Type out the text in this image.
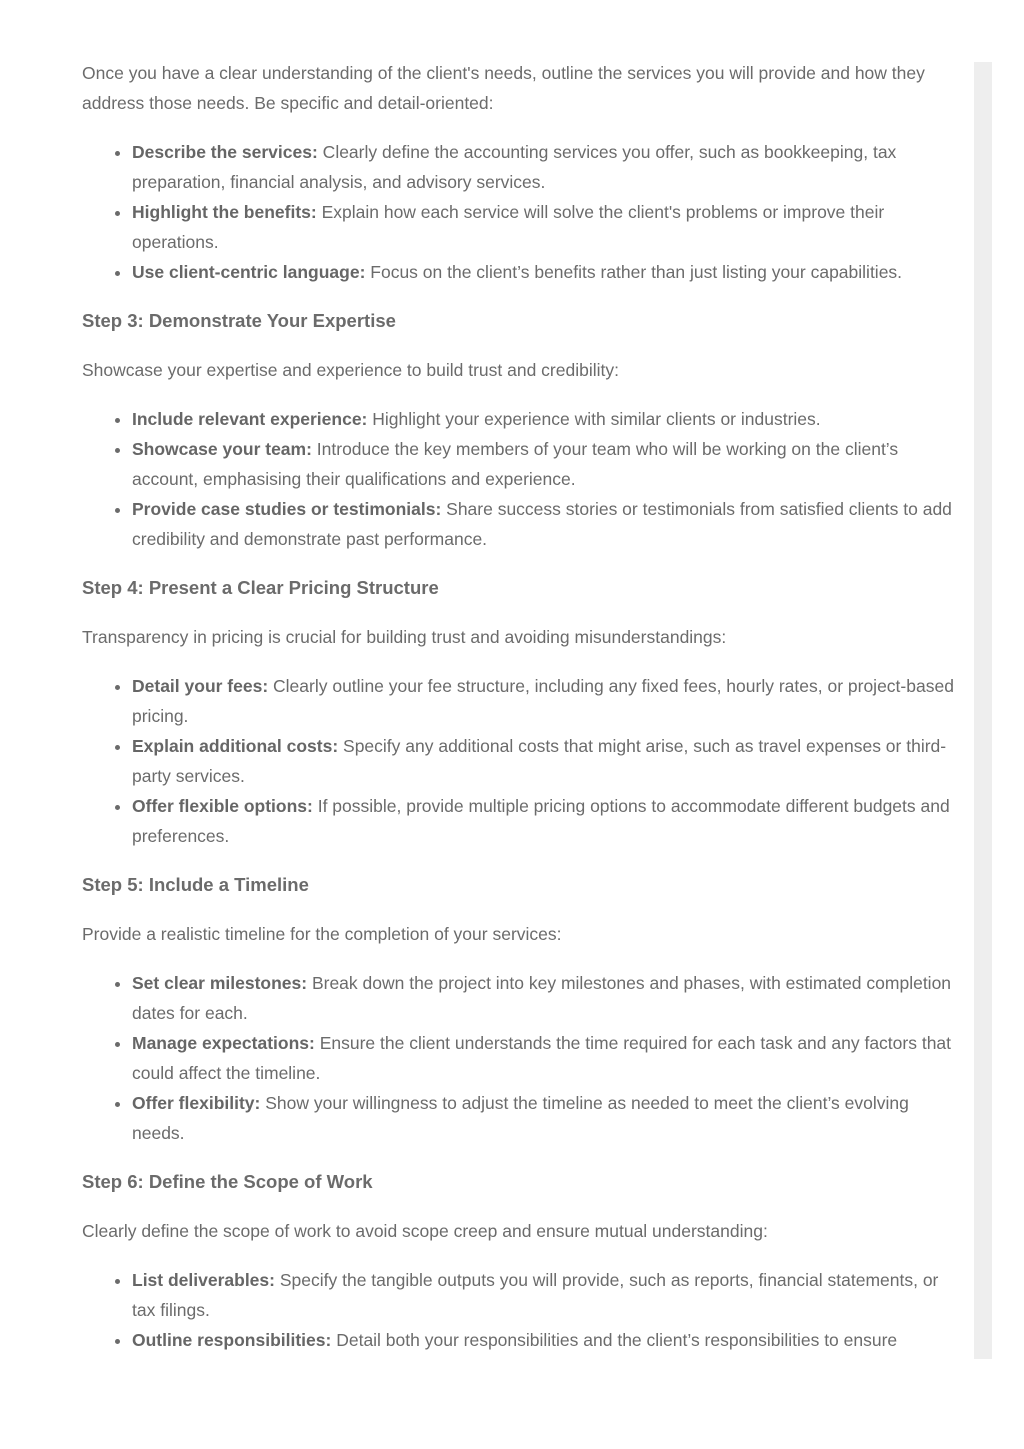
Once you have a clear understanding of the client's needs, outline the services you will provide and how they address those needs. Be specific and detail-oriented:

• Describe the services: Clearly define the accounting services you offer, such as bookkeeping, tax preparation, financial analysis, and advisory services.
• Highlight the benefits: Explain how each service will solve the client's problems or improve their operations.
• Use client-centric language: Focus on the client’s benefits rather than just listing your capabilities.
Step 3: Demonstrate Your Expertise

Showcase your expertise and experience to build trust and credibility:

• Include relevant experience: Highlight your experience with similar clients or industries.
• Showcase your team: Introduce the key members of your team who will be working on the client’s account, emphasising their qualifications and experience.
• Provide case studies or testimonials: Share success stories or testimonials from satisfied clients to add credibility and demonstrate past performance.
Step 4: Present a Clear Pricing Structure

Transparency in pricing is crucial for building trust and avoiding misunderstandings:

• Detail your fees: Clearly outline your fee structure, including any fixed fees, hourly rates, or project-based pricing.
• Explain additional costs: Specify any additional costs that might arise, such as travel expenses or third-party services.
• Offer flexible options: If possible, provide multiple pricing options to accommodate different budgets and preferences.
Step 5: Include a Timeline

Provide a realistic timeline for the completion of your services:

• Set clear milestones: Break down the project into key milestones and phases, with estimated completion dates for each.
• Manage expectations: Ensure the client understands the time required for each task and any factors that could affect the timeline.
• Offer flexibility: Show your willingness to adjust the timeline as needed to meet the client’s evolving needs.
Step 6: Define the Scope of Work

Clearly define the scope of work to avoid scope creep and ensure mutual understanding:

• List deliverables: Specify the tangible outputs you will provide, such as reports, financial statements, or tax filings.
• Outline responsibilities: Detail both your responsibilities and the client’s responsibilities to ensure
